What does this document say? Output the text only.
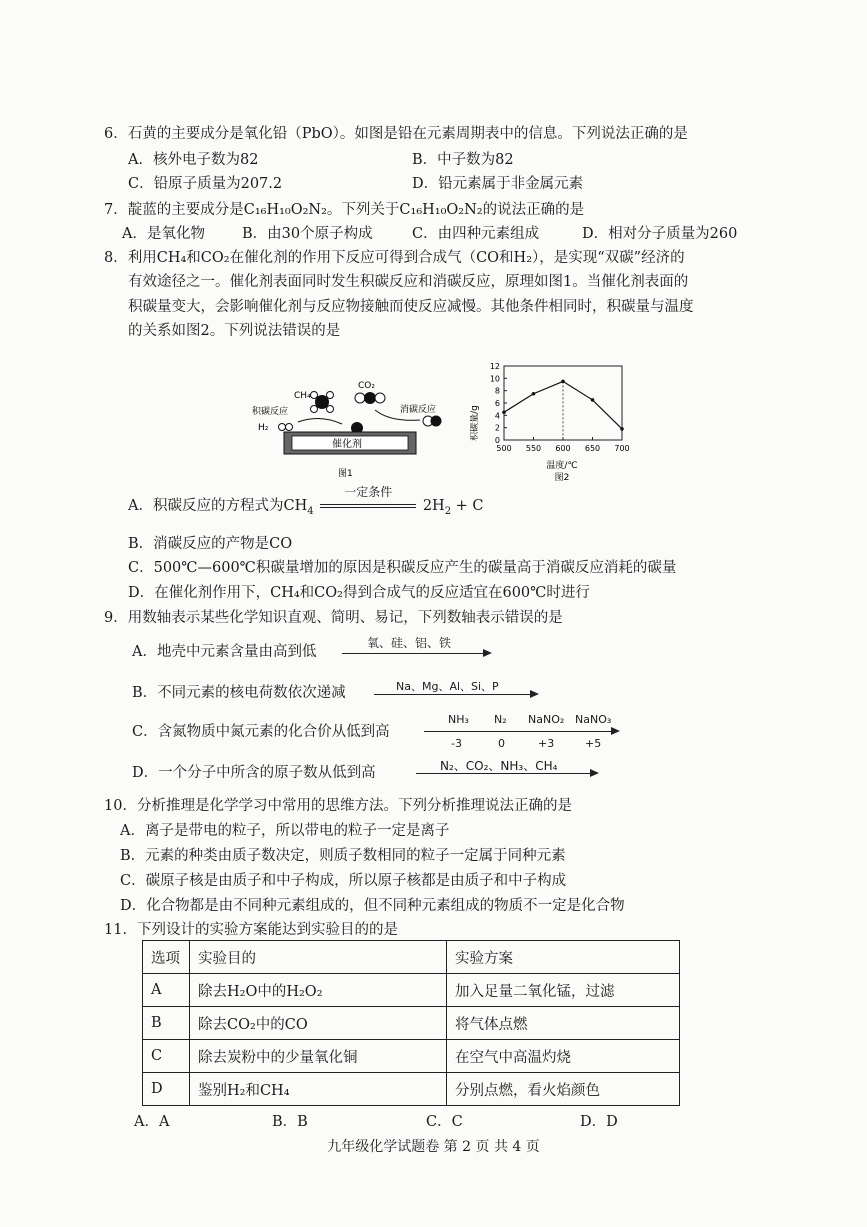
6．石黄的主要成分是氧化铅（PbO）。如图是铅在元素周期表中的信息。下列说法正确的是
A．核外电子数为82	B．中子数为82
C．铅原子质量为207.2	D．铅元素属于非金属元素
7．靛蓝的主要成分是C₁₆H₁₀O₂N₂。下列关于C₁₆H₁₀O₂N₂的说法正确的是
A．是氧化物	B．由30个原子构成	C．由四种元素组成	D．相对分子质量为260
8．利用CH₄和CO₂在催化剂的作用下反应可得到合成气（CO和H₂），是实现“双碳”经济的
有效途径之一。催化剂表面同时发生积碳反应和消碳反应，原理如图1。当催化剂表面的
积碳量变大，会影响催化剂与反应物接触而使反应减慢。其他条件相同时，积碳量与温度
的关系如图2。下列说法错误的是
CH₄
CO₂
积碳反应	消碳反应
H₂
催化剂
图1
积碳量/g
温度/℃
图2
0
2
4
6
8
10
12
500 550 600 650 700
A．积碳反应的方程式为$CH_4$
一定条件
$2H_2 + C$
B．消碳反应的产物是CO
C．500℃—600℃积碳量增加的原因是积碳反应产生的碳量高于消碳反应消耗的碳量
D．在催化剂作用下，CH₄和CO₂得到合成气的反应适宜在600℃时进行
9．用数轴表示某些化学知识直观、简明、易记，下列数轴表示错误的是
A．地壳中元素含量由高到低
氧、硅、铝、铁
B．不同元素的核电荷数依次递减	Na、Mg、Al、Si、P
C．含氮物质中氮元素的化合价从低到高
NH₃ N₂ NaNO₂ NaNO₃
-3	0	+3	+5
D．一个分子中所含的原子数从低到高	N₂、CO₂、NH₃、CH₄
10．分析推理是化学学习中常用的思维方法。下列分析推理说法正确的是
A．离子是带电的粒子，所以带电的粒子一定是离子
B．元素的种类由质子数决定，则质子数相同的粒子一定属于同种元素
C．碳原子核是由质子和中子构成，所以原子核都是由质子和中子构成
D．化合物都是由不同种元素组成的，但不同种元素组成的物质不一定是化合物
11．下列设计的实验方案能达到实验目的的是
选项	实验目的	实验方案
A	除去H₂O中的H₂O₂	加入足量二氧化锰，过滤
B	除去CO₂中的CO	将气体点燃
C	除去炭粉中的少量氧化铜	在空气中高温灼烧
D	鉴别H₂和CH₄	分别点燃，看火焰颜色
A．A	B．B	C．C	D．D
九年级化学试题卷 第 2 页 共 4 页
